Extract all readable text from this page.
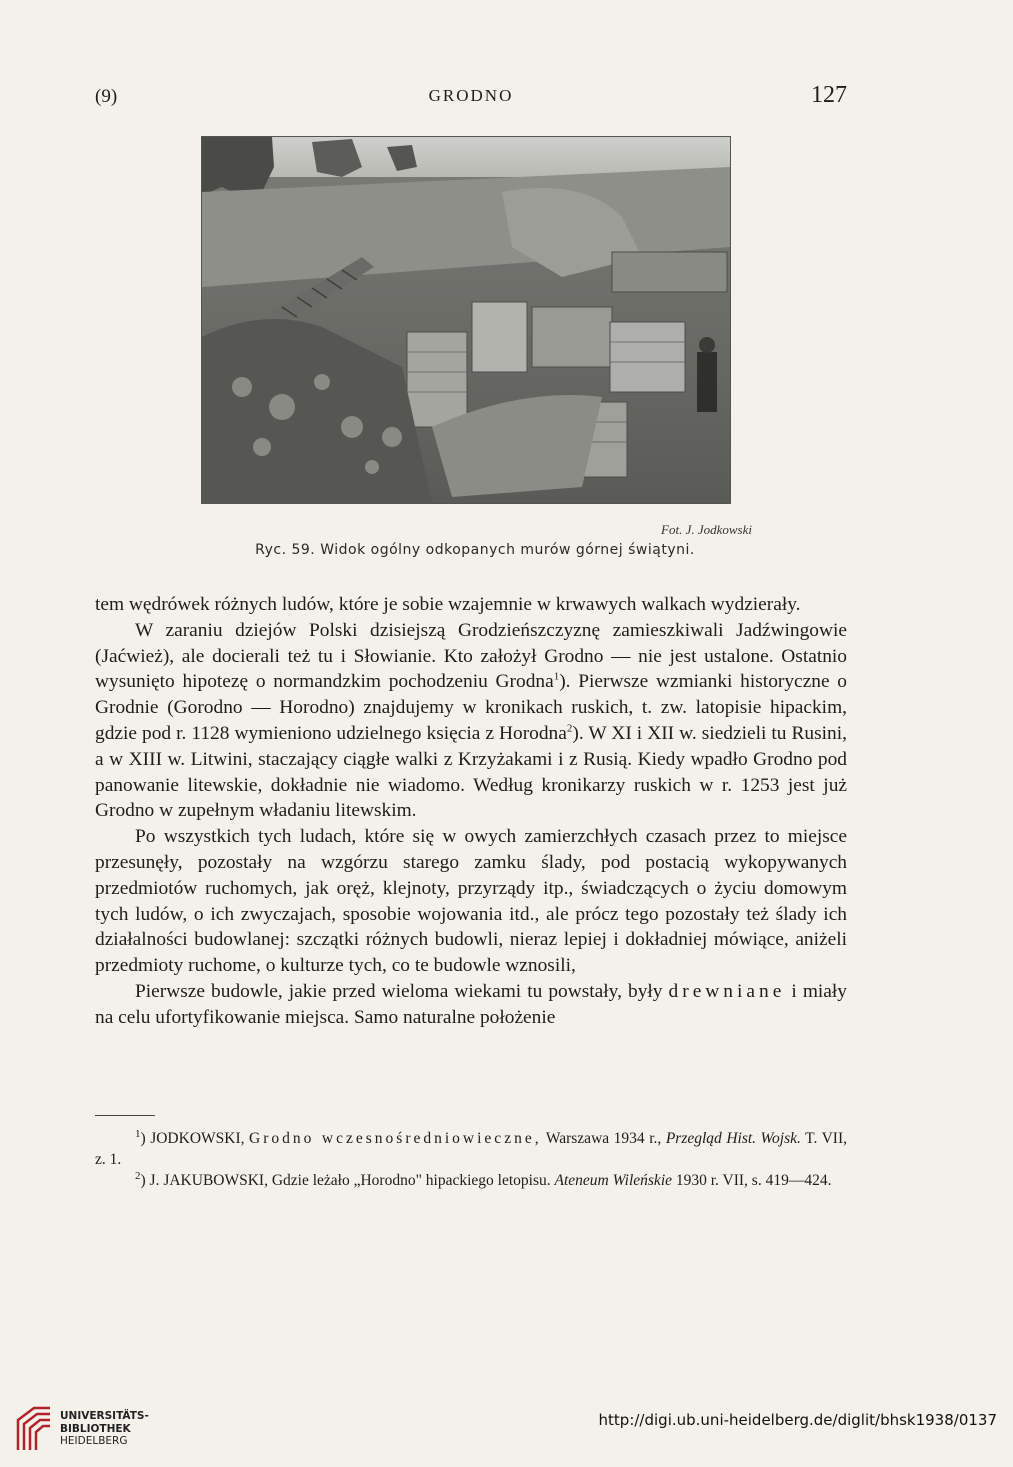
(9)	GRODNO	127
Fot. J. Jodkowski
Ryc. 59. Widok ogólny odkopanych murów górnej świątyni.

tem wędrówek różnych ludów, które je sobie wzajemnie w krwawych walkach wydzierały.

W zaraniu dziejów Polski dzisiejszą Grodzieńszczyznę zamieszkiwali Jadźwingowie (Jaćwież), ale docierali też tu i Słowianie. Kto założył Grodno — nie jest ustalone. Ostatnio wysunięto hipotezę o normandzkim pochodzeniu Grodna$^1$). Pierwsze wzmianki historyczne o Grodnie (Gorodno — Horodno) znajdujemy w kronikach ruskich, t. zw. latopisie hipackim, gdzie pod r. 1128 wymieniono udzielnego księcia z Horodna$^2$). W XI i XII w. siedzieli tu Rusini, a w XIII w. Litwini, staczający ciągłe walki z Krzyżakami i z Rusią. Kiedy wpadło Grodno pod panowanie litewskie, dokładnie nie wiadomo. Według kronikarzy ruskich w r. 1253 jest już Grodno w zupełnym władaniu litewskim.

Po wszystkich tych ludach, które się w owych zamierzchłych czasach przez to miejsce przesunęły, pozostały na wzgórzu starego zamku ślady, pod postacią wykopywanych przedmiotów ruchomych, jak oręż, klejnoty, przyrządy itp., świadczących o życiu domowym tych ludów, o ich zwyczajach, sposobie wojowania itd., ale prócz tego pozostały też ślady ich działalności budowlanej: szczątki różnych budowli, nieraz lepiej i dokładniej mówiące, aniżeli przedmioty ruchome, o kulturze tych, co te budowle wznosili,

Pierwsze budowle, jakie przed wieloma wiekami tu powstały, były drewniane i miały na celu ufortyfikowanie miejsca. Samo naturalne położenie

$^1$) JODKOWSKI, Grodno wczesnośredniowieczne, Warszawa 1934 r., Przegląd Hist. Wojsk. T. VII, z. 1.

$^2$) J. JAKUBOWSKI, Gdzie leżało „Horodno" hipackiego letopisu. Ateneum Wileńskie 1930 r. VII, s. 419—424.

UNIVERSITÄTS-
BIBLIOTHEK
HEIDELBERG
http://digi.ub.uni-heidelberg.de/diglit/bhsk1938/0137
